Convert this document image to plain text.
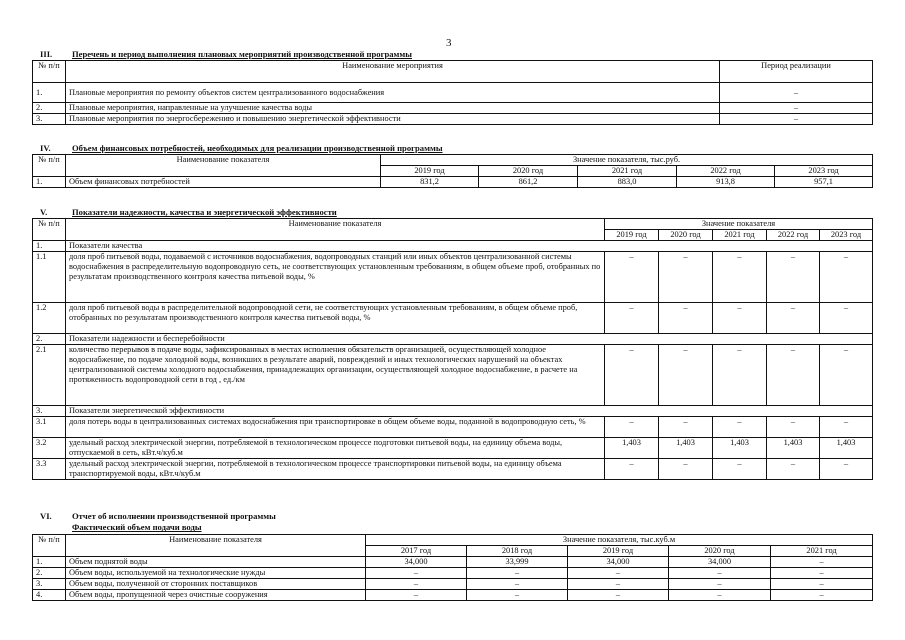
3
III. Перечень и период выполнения плановых мероприятий производственной программы
№ п/п	Наименование мероприятия	Период реализации
1.	Плановые мероприятия по ремонту объектов систем централизованного водоснабжения	–
2.	Плановые мероприятия, направленные на улучшение качества воды	–
3.	Плановые мероприятия по энергосбережению и повышению энергетической эффективности	–
IV. Объем финансовых потребностей, необходимых для реализации производственной программы
№ п/п	Наименование показателя	Значение показателя, тыс.руб.				
		2019 год	2020 год	2021 год	2022 год	2023 год
1.	Объем финансовых потребностей	831,2	861,2	883,0	913,8	957,1
V.	Показатели надежности, качества и энергетической эффективности
№ п/п	Наименование показателя	Значение показателя				
		2019 год	2020 год	2021 год	2022 год	2023 год
1.	Показатели качества					
1.1	доля проб питьевой воды, подаваемой с источников водоснабжения, водопроводных станций или иных объектов централизованной системы водоснабжения в распределительную водопроводную сеть, не соответствующих установленным требованиям, в общем объеме проб, отобранных по результатам производственного контроля качества питьевой воды, %	–	–	–	–	–
1.2	доля проб питьевой воды в распределительной водопроводной сети, не соответствующих установленным требованиям, в общем объеме проб, отобранных по результатам производственного контроля качества питьевой воды, %	–	–	–	–	–
2.	Показатели надежности и бесперебойности					
2.1	количество перерывов в подаче воды, зафиксированных в местах исполнения обязательств организацией, осуществляющей холодное водоснабжение, по подаче холодной воды, возникших в результате аварий, повреждений и иных технологических нарушений на объектах централизованной системы холодного водоснабжения, принадлежащих организации, осуществляющей холодное водоснабжение, в расчете на протяженность водопроводной сети в год , ед./км	–	–	–	–	–
3.	Показатели энергетической эффективности					
3.1	доля потерь воды в централизованных системах водоснабжения при транспортировке в общем объеме воды, поданной в водопроводную сеть, %	–	–	–	–	–
3.2	удельный расход электрической энергии, потребляемой в технологическом процессе подготовки питьевой воды, на единицу объема воды, отпускаемой в сеть, кВт.ч/куб.м	1,403	1,403	1,403	1,403	1,403
3.3	удельный расход электрической энергии, потребляемой в технологическом процессе транспортировки питьевой воды, на единицу объема транспортируемой воды, кВт.ч/куб.м	–	–	–	–	–
VI. Отчет об исполнении производственной программы
Фактический объем подачи воды
№ п/п	Наименование показателя	Значение показателя, тыс.куб.м				
		2017 год	2018 год	2019 год	2020 год	2021 год
1.	Объем поднятой воды	34,000	33,999	34,000	34,000	–
2.	Объем воды, используемой на технологические нужды	–	–	–	–	–
3.	Объем воды, полученной от сторонних поставщиков	–	–	–	–	–
4.	Объем воды, пропущенной через очистные сооружения	–	–	–	–	–
